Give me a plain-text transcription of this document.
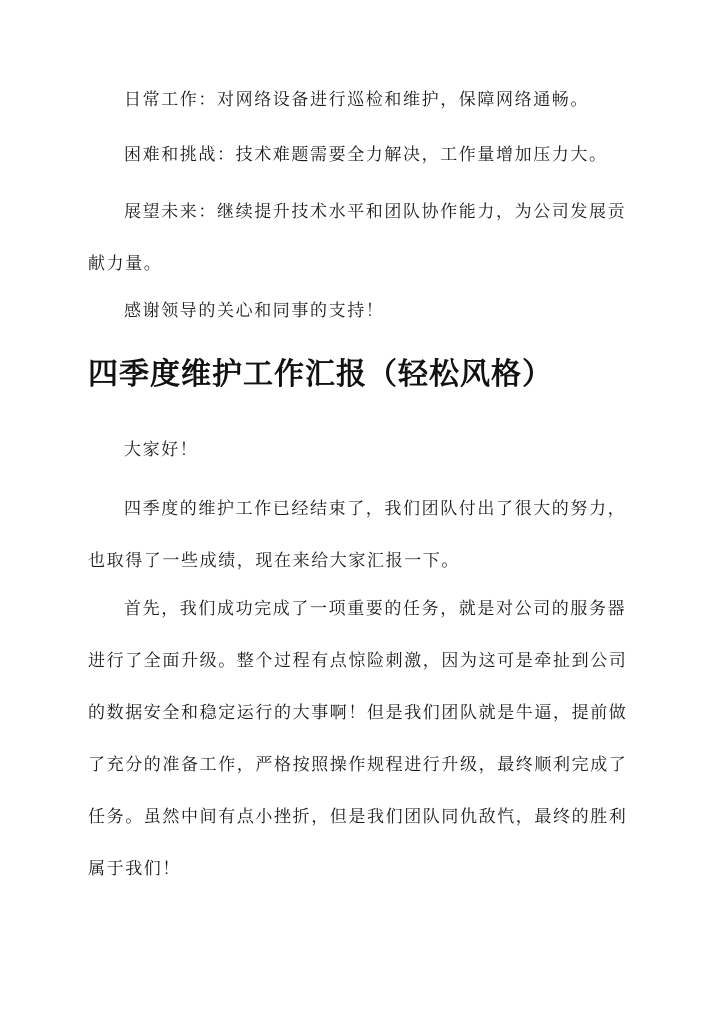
日常工作：对网络设备进行巡检和维护，保障网络通畅。

困难和挑战：技术难题需要全力解决，工作量增加压力大。

展望未来：继续提升技术水平和团队协作能力，为公司发展贡献力量。

感谢领导的关心和同事的支持！

四季度维护工作汇报（轻松风格）

大家好！

四季度的维护工作已经结束了，我们团队付出了很大的努力，也取得了一些成绩，现在来给大家汇报一下。

首先，我们成功完成了一项重要的任务，就是对公司的服务器进行了全面升级。整个过程有点惊险刺激，因为这可是牵扯到公司的数据安全和稳定运行的大事啊！但是我们团队就是牛逼，提前做了充分的准备工作，严格按照操作规程进行升级，最终顺利完成了任务。虽然中间有点小挫折，但是我们团队同仇敌忾，最终的胜利属于我们！
